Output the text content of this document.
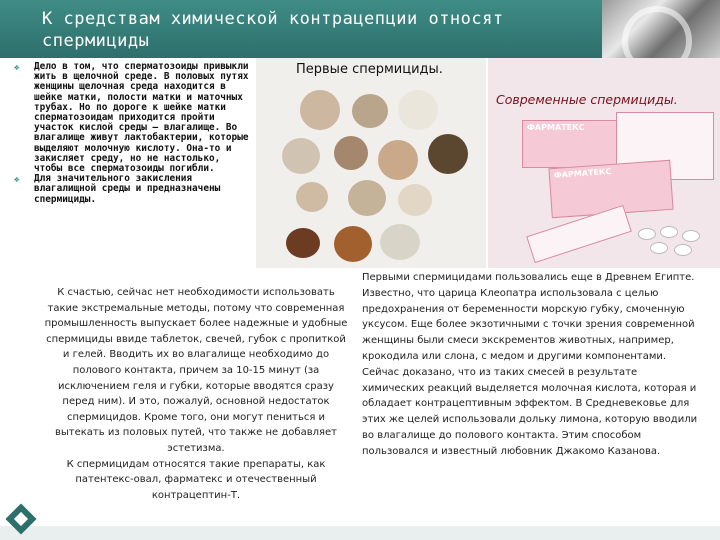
К средствам химической контрацепции относят спермициды
❖ Дело в том, что сперматозоиды привыкли жить в щелочной среде. В половых путях женщины щелочная среда находится в шейке матки, полости матки и маточных трубах. Но по дороге к шейке матки сперматозоидам приходится пройти участок кислой среды – влагалище. Во влагалище живут лактобактерии, которые выделяют молочную кислоту. Она-то и закисляет среду, но не настолько, чтобы все сперматозоиды погибли.
❖ Для значительного закисления влагалищной среды и предназначены спермициды.
Первые спермициды.
ФАРМАТЕКС
ФАРМАТЕКС
Современные спермициды.
К счастью, сейчас нет необходимости использовать такие экстремальные методы, потому что современная промышленность выпускает более надежные и удобные спермициды ввиде таблеток, свечей, губок с пропиткой и гелей. Вводить их во влагалище необходимо до полового контакта, причем за 10-15 минут (за исключением геля и губки, которые вводятся сразу перед ним). И это, пожалуй, основной недостаток спермицидов. Кроме того, они могут пениться и вытекать из половых путей, что также не добавляет эстетизма.
К спермицидам относятся такие препараты, как патентекс-овал, фарматекс и отечественный контрацептин-Т.
Первыми спермицидами пользовались еще в Древнем Египте. Известно, что царица Клеопатра использовала с целью предохранения от беременности морскую губку, смоченную уксусом. Еще более экзотичными с точки зрения современной женщины были смеси экскрементов животных, например, крокодила или слона, с медом и другими компонентами. Сейчас доказано, что из таких смесей в результате химических реакций выделяется молочная кислота, которая и обладает контрацептивным эффектом. В Средневековье для этих же целей использовали дольку лимона, которую вводили во влагалище до полового контакта. Этим способом пользовался и известный любовник Джакомо Казанова.
